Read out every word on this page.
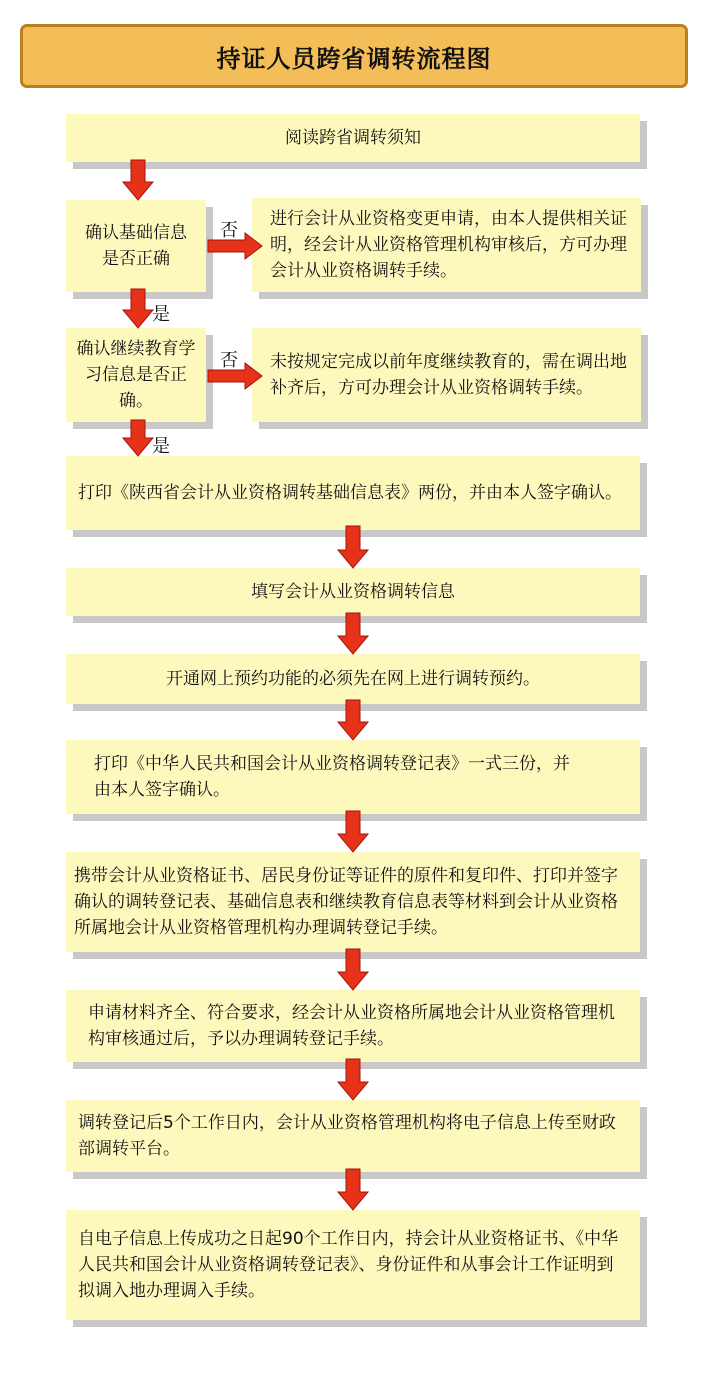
持证人员跨省调转流程图
阅读跨省调转须知
确认基础信息是否正确
进行会计从业资格变更申请，由本人提供相关证明，经会计从业资格管理机构审核后，方可办理会计从业资格调转手续。
确认继续教育学习信息是否正确。
未按规定完成以前年度继续教育的，需在调出地补齐后，方可办理会计从业资格调转手续。
打印《陕西省会计从业资格调转基础信息表》两份，并由本人签字确认。
填写会计从业资格调转信息
开通网上预约功能的必须先在网上进行调转预约。
打印《中华人民共和国会计从业资格调转登记表》一式三份，并由本人签字确认。
携带会计从业资格证书、居民身份证等证件的原件和复印件、打印并签字确认的调转登记表、基础信息表和继续教育信息表等材料到会计从业资格所属地会计从业资格管理机构办理调转登记手续。
申请材料齐全、符合要求，经会计从业资格所属地会计从业资格管理机构审核通过后，予以办理调转登记手续。
调转登记后5个工作日内，会计从业资格管理机构将电子信息上传至财政部调转平台。
自电子信息上传成功之日起90个工作日内，持会计从业资格证书、《中华人民共和国会计从业资格调转登记表》、身份证件和从事会计工作证明到拟调入地办理调入手续。
否
是
否
是
